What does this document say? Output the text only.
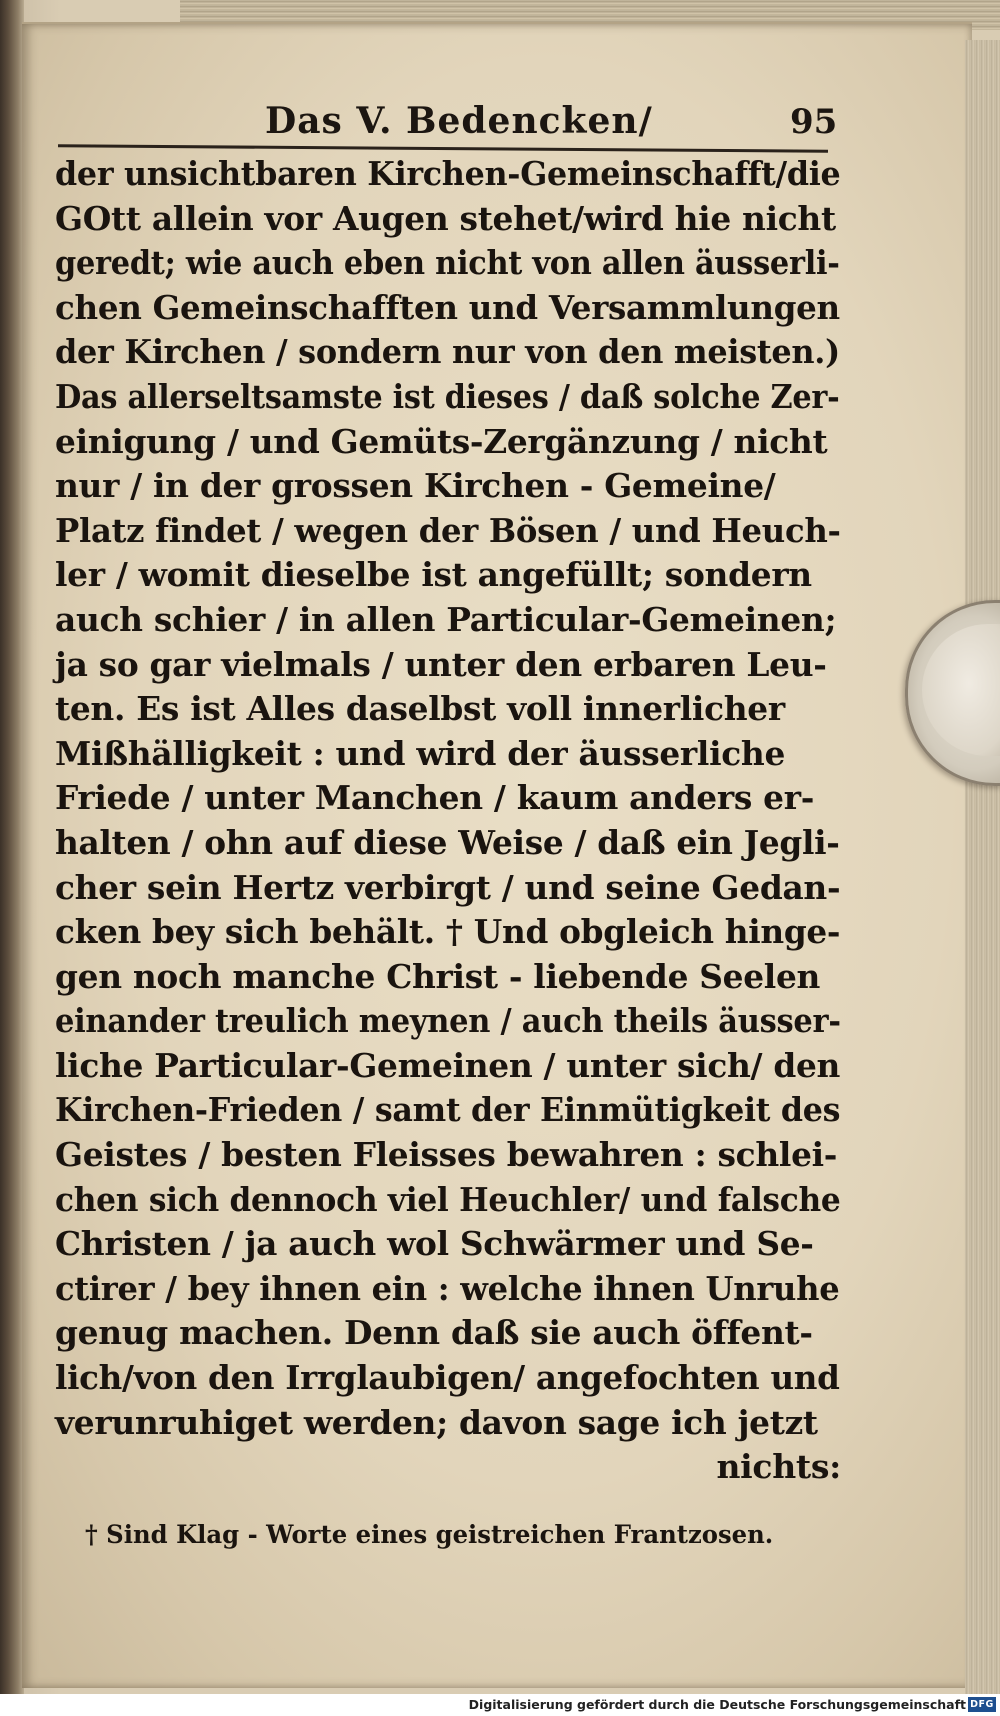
Das V. Bedencken/	95
der unsichtbaren Kirchen-Gemeinschafft/die
GOtt allein vor Augen stehet/wird hie nicht
geredt; wie auch eben nicht von allen äusserli-
chen Gemeinschafften und Versammlungen
der Kirchen / sondern nur von den meisten.)
Das allerseltsamste ist dieses / daß solche Zer-
einigung / und Gemüts-Zergänzung / nicht
nur / in der grossen Kirchen - Gemeine/
Platz findet / wegen der Bösen / und Heuch-
ler / womit dieselbe ist angefüllt; sondern
auch schier / in allen Particular-Gemeinen;
ja so gar vielmals / unter den erbaren Leu-
ten. Es ist Alles daselbst voll innerlicher
Mißhälligkeit : und wird der äusserliche
Friede / unter Manchen / kaum anders er-
halten / ohn auf diese Weise / daß ein Jegli-
cher sein Hertz verbirgt / und seine Gedan-
cken bey sich behält. † Und obgleich hinge-
gen noch manche Christ - liebende Seelen
einander treulich meynen / auch theils äusser-
liche Particular-Gemeinen / unter sich/ den
Kirchen-Frieden / samt der Einmütigkeit des
Geistes / besten Fleisses bewahren : schlei-
chen sich dennoch viel Heuchler/ und falsche
Christen / ja auch wol Schwärmer und Se-
ctirer / bey ihnen ein : welche ihnen Unruhe
genug machen. Denn daß sie auch öffent-
lich/von den Irrglaubigen/ angefochten und
verunruhiget werden; davon sage ich jetzt
nichts:
† Sind Klag - Worte eines geistreichen Frantzosen.
Digitalisierung gefördert durch die Deutsche Forschungsgemeinschaft DFG
